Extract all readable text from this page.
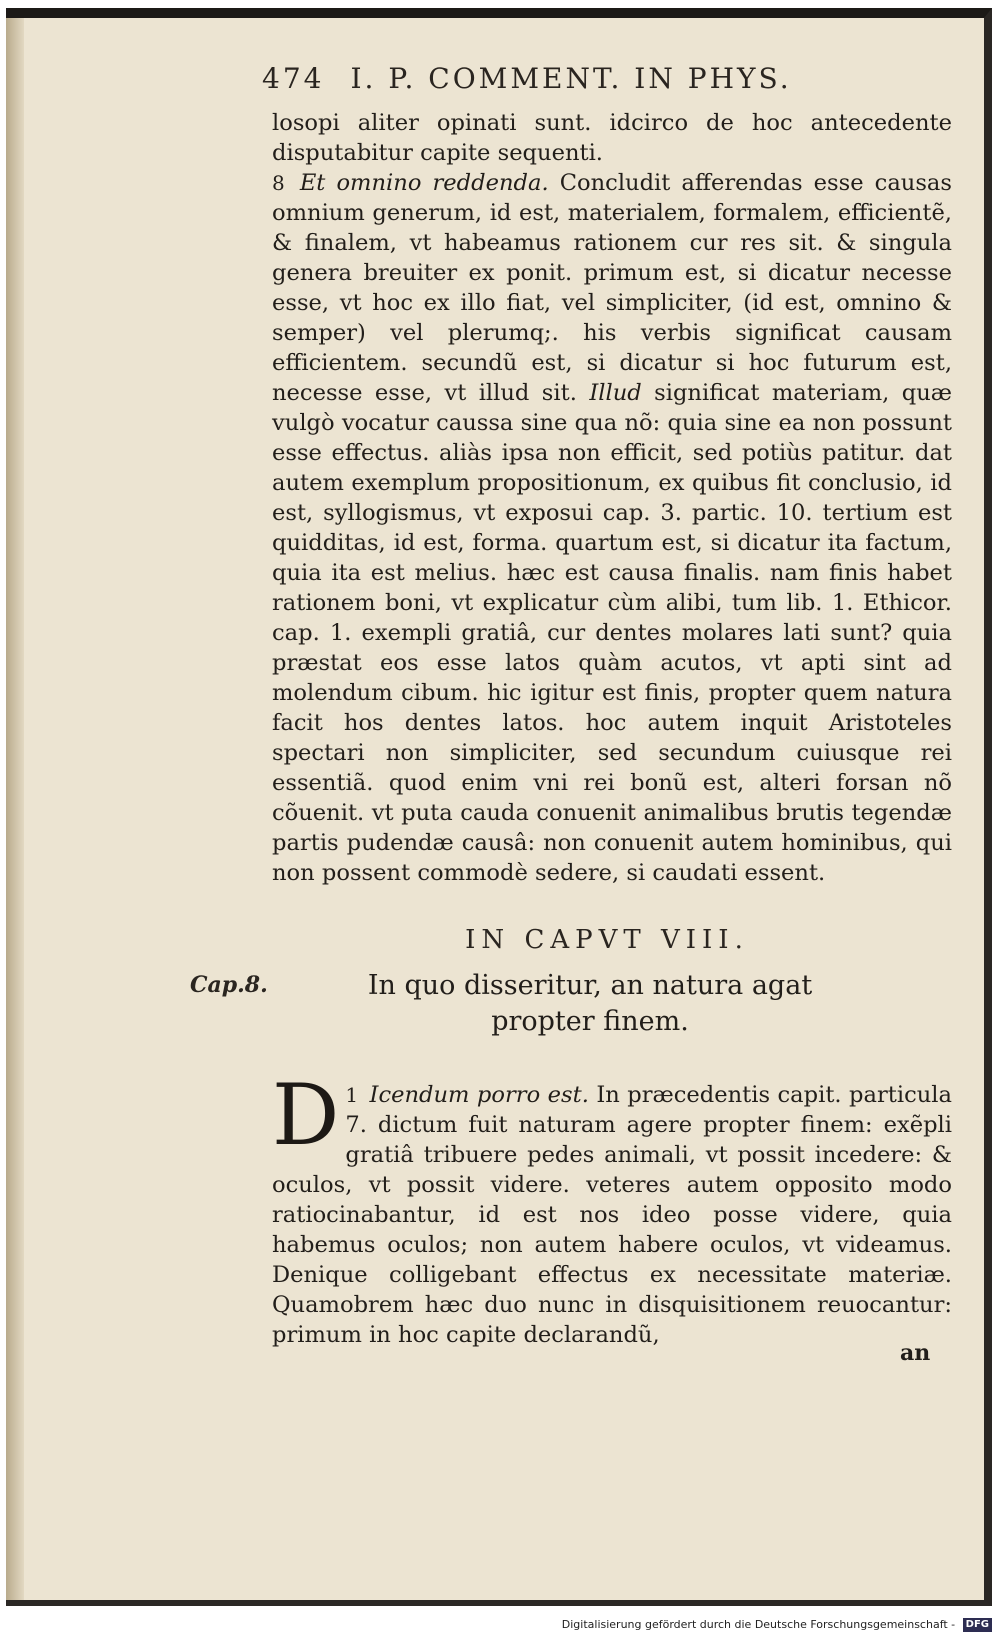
474 I. P. COMMENT. IN PHYS.

losopi aliter opinati sunt. idcirco de hoc antecedente disputabitur capite sequenti.

8 Et omnino reddenda. Concludit afferendas esse causas omnium generum, id est, materialem, formalem, efficientẽ, & finalem, vt habeamus rationem cur res sit. & singula genera breuiter ex ponit. primum est, si dicatur necesse esse, vt hoc ex illo fiat, vel simpliciter, (id est, omnino & semper) vel plerumq;. his verbis significat causam efficientem. secundũ est, si dicatur si hoc futurum est, necesse esse, vt illud sit. Illud significat materiam, quæ vulgò vocatur caussa sine qua nõ: quia sine ea non possunt esse effectus. aliàs ipsa non efficit, sed potiùs patitur. dat autem exemplum propositionum, ex quibus fit conclusio, id est, syllogismus, vt exposui cap. 3. partic. 10. tertium est quidditas, id est, forma. quartum est, si dicatur ita factum, quia ita est melius. hæc est causa finalis. nam finis habet rationem boni, vt explicatur cùm alibi, tum lib. 1. Ethicor. cap. 1. exempli gratiâ, cur dentes molares lati sunt? quia præstat eos esse latos quàm acutos, vt apti sint ad molendum cibum. hic igitur est finis, propter quem natura facit hos dentes latos. hoc autem inquit Aristoteles spectari non simpliciter, sed secundum cuiusque rei essentiã. quod enim vni rei bonũ est, alteri forsan nõ cõuenit. vt puta cauda conuenit animalibus brutis tegendæ partis pudendæ causâ: non conuenit autem hominibus, qui non possent commodè sedere, si caudati essent.

IN CAPVT VIII.
Cap.8.	In quo disseritur, an natura agat propter finem.

1
D Icendum porro est. In præcedentis capit. particula 7. dictum fuit naturam agere propter finem: exẽpli gratiâ tribuere pedes animali, vt possit incedere: & oculos, vt possit videre. veteres autem opposito modo ratiocinabantur, id est nos ideo posse videre, quia habemus oculos; non autem habere oculos, vt videamus. Denique colligebant effectus ex necessitate materiæ. Quamobrem hæc duo nunc in disquisitionem reuocantur: primum in hoc capite declarandũ,

an
Digitalisierung gefördert durch die Deutsche Forschungsgemeinschaft - DFG
